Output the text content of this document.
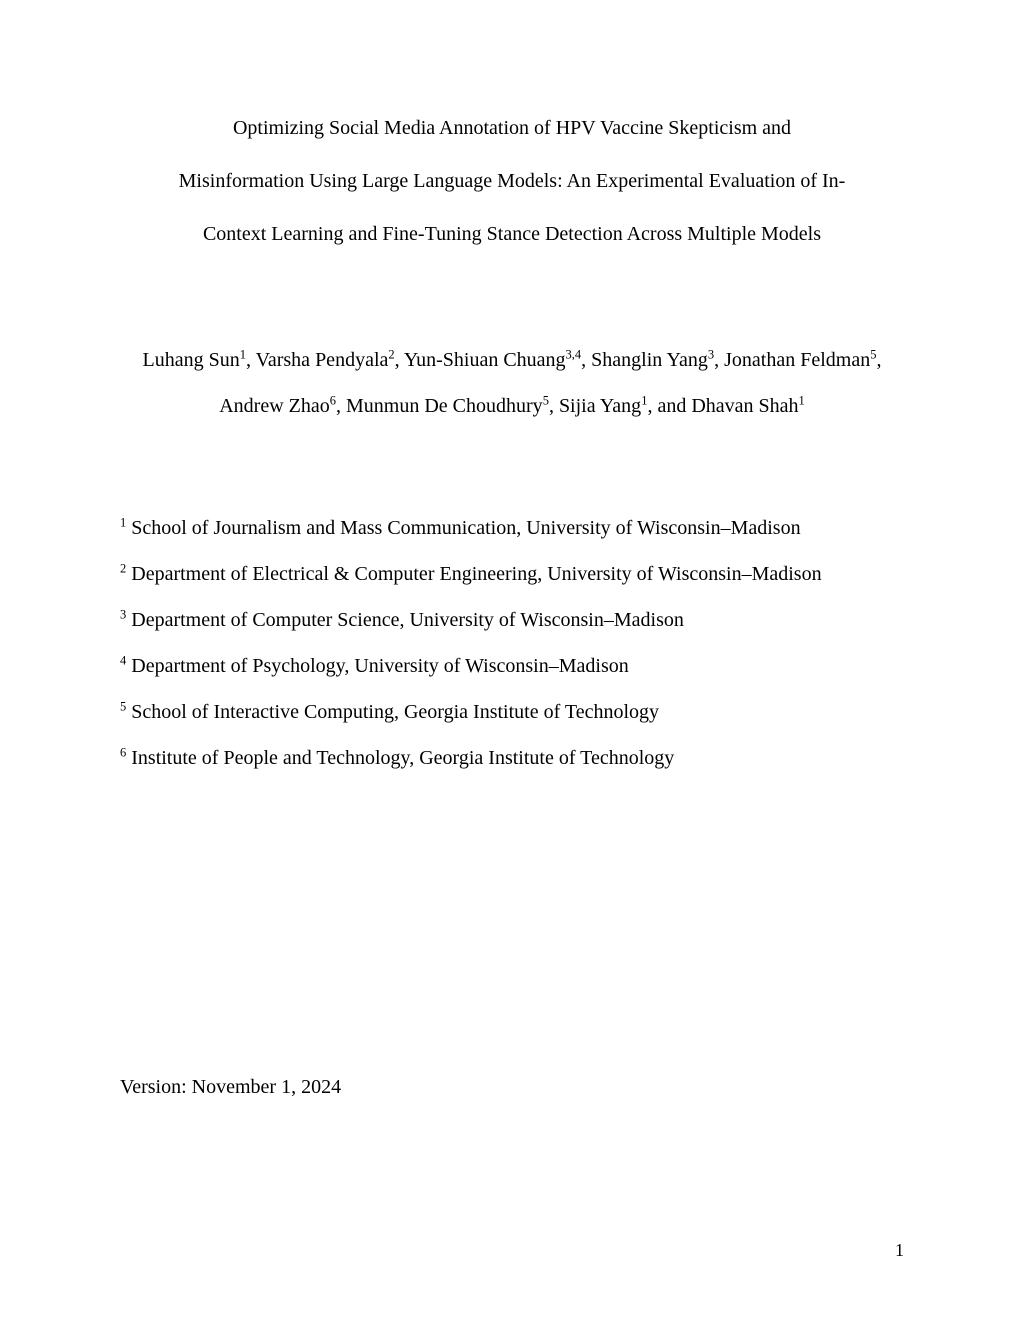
Optimizing Social Media Annotation of HPV Vaccine Skepticism and
Misinformation Using Large Language Models: An Experimental Evaluation of In-
Context Learning and Fine-Tuning Stance Detection Across Multiple Models
Luhang Sun$^1$, Varsha Pendyala$^2$, Yun-Shiuan Chuang$^{3,4}$, Shanglin Yang$^3$, Jonathan Feldman$^5$,
Andrew Zhao$^6$, Munmun De Choudhury$^5$, Sijia Yang$^1$, and Dhavan Shah$^1$
$^1$ School of Journalism and Mass Communication, University of Wisconsin–Madison
$^2$ Department of Electrical & Computer Engineering, University of Wisconsin–Madison
$^3$ Department of Computer Science, University of Wisconsin–Madison
$^4$ Department of Psychology, University of Wisconsin–Madison
$^5$ School of Interactive Computing, Georgia Institute of Technology
$^6$ Institute of People and Technology, Georgia Institute of Technology
Version: November 1, 2024
1
